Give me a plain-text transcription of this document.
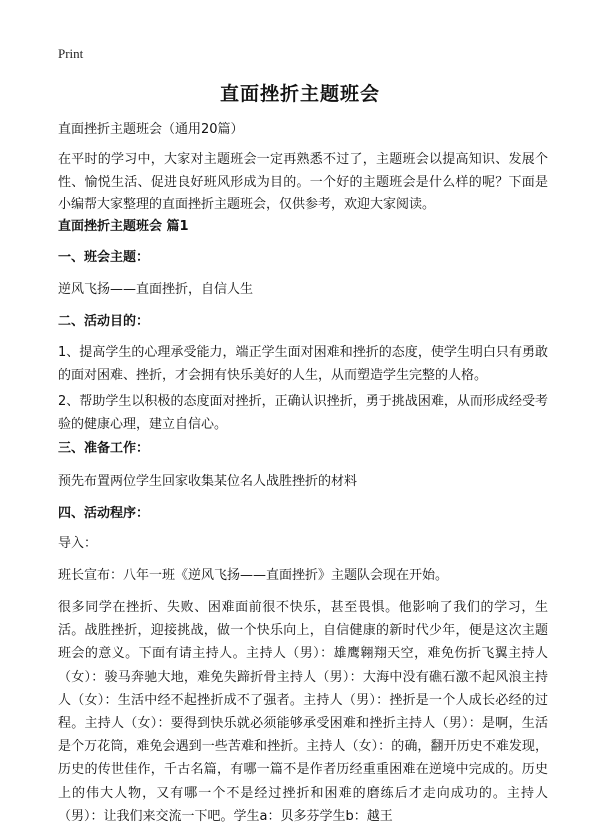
Print
直面挫折主题班会
直面挫折主题班会（通用20篇）
在平时的学习中，大家对主题班会一定再熟悉不过了，主题班会以提高知识、发展个性、愉悦生活、促进良好班风形成为目的。一个好的主题班会是什么样的呢？下面是小编帮大家整理的直面挫折主题班会，仅供参考，欢迎大家阅读。
直面挫折主题班会 篇1
一、班会主题：
逆风飞扬——直面挫折，自信人生
二、活动目的：
1、提高学生的心理承受能力，端正学生面对困难和挫折的态度，使学生明白只有勇敢的面对困难、挫折，才会拥有快乐美好的人生，从而塑造学生完整的人格。
2、帮助学生以积极的态度面对挫折，正确认识挫折，勇于挑战困难，从而形成经受考验的健康心理，建立自信心。
三、准备工作：
预先布置两位学生回家收集某位名人战胜挫折的材料
四、活动程序：
导入：
班长宣布：八年一班《逆风飞扬——直面挫折》主题队会现在开始。
很多同学在挫折、失败、困难面前很不快乐，甚至畏惧。他影响了我们的学习，生活。战胜挫折，迎接挑战，做一个快乐向上，自信健康的新时代少年，便是这次主题班会的意义。下面有请主持人。主持人（男）：雄鹰翱翔天空，难免伤折飞翼主持人（女）：骏马奔驰大地，难免失蹄折骨主持人（男）：大海中没有礁石激不起风浪主持人（女）：生活中经不起挫折成不了强者。主持人（男）：挫折是一个人成长必经的过程。主持人（女）：要得到快乐就必须能够承受困难和挫折主持人（男）：是啊，生活是个万花筒，难免会遇到一些苦难和挫折。主持人（女）：的确，翻开历史不难发现，历史的传世佳作，千古名篇，有哪一篇不是作者历经重重困难在逆境中完成的。历史上的伟大人物，又有哪一个不是经过挫折和困难的磨练后才走向成功的。主持人（男）：让我们来交流一下吧。学生a：贝多芬学生b：越王
